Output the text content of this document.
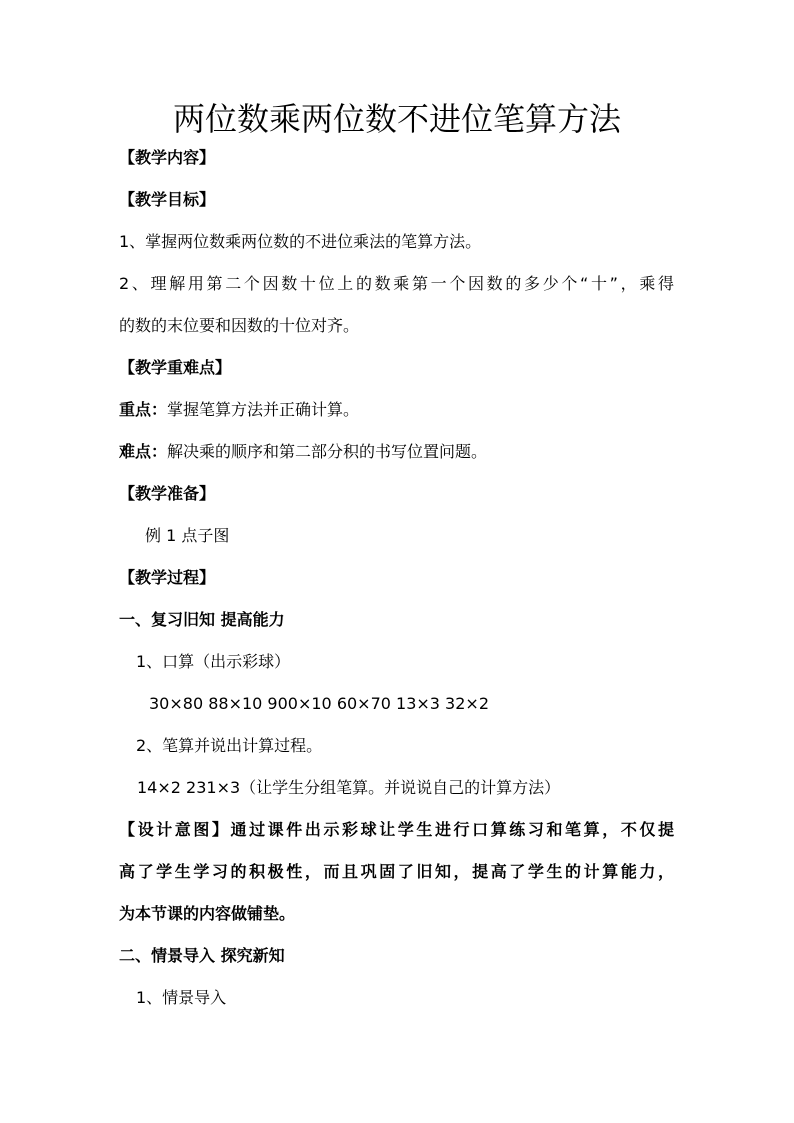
两位数乘两位数不进位笔算方法
【教学内容】
【教学目标】
1、掌握两位数乘两位数的不进位乘法的笔算方法。
2、理解用第二个因数十位上的数乘第一个因数的多少个“十”，乘得
的数的末位要和因数的十位对齐。
【教学重难点】
重点：掌握笔算方法并正确计算。
难点：解决乘的顺序和第二部分积的书写位置问题。
【教学准备】
例 1 点子图
【教学过程】
一、复习旧知 提高能力
1、口算（出示彩球）
30×80 88×10 900×10 60×70 13×3 32×2
2、笔算并说出计算过程。
14×2 231×3（让学生分组笔算。并说说自己的计算方法）
【设计意图】通过课件出示彩球让学生进行口算练习和笔算，不仅提
高了学生学习的积极性，而且巩固了旧知，提高了学生的计算能力，
为本节课的内容做铺垫。
二、情景导入 探究新知
1、情景导入
